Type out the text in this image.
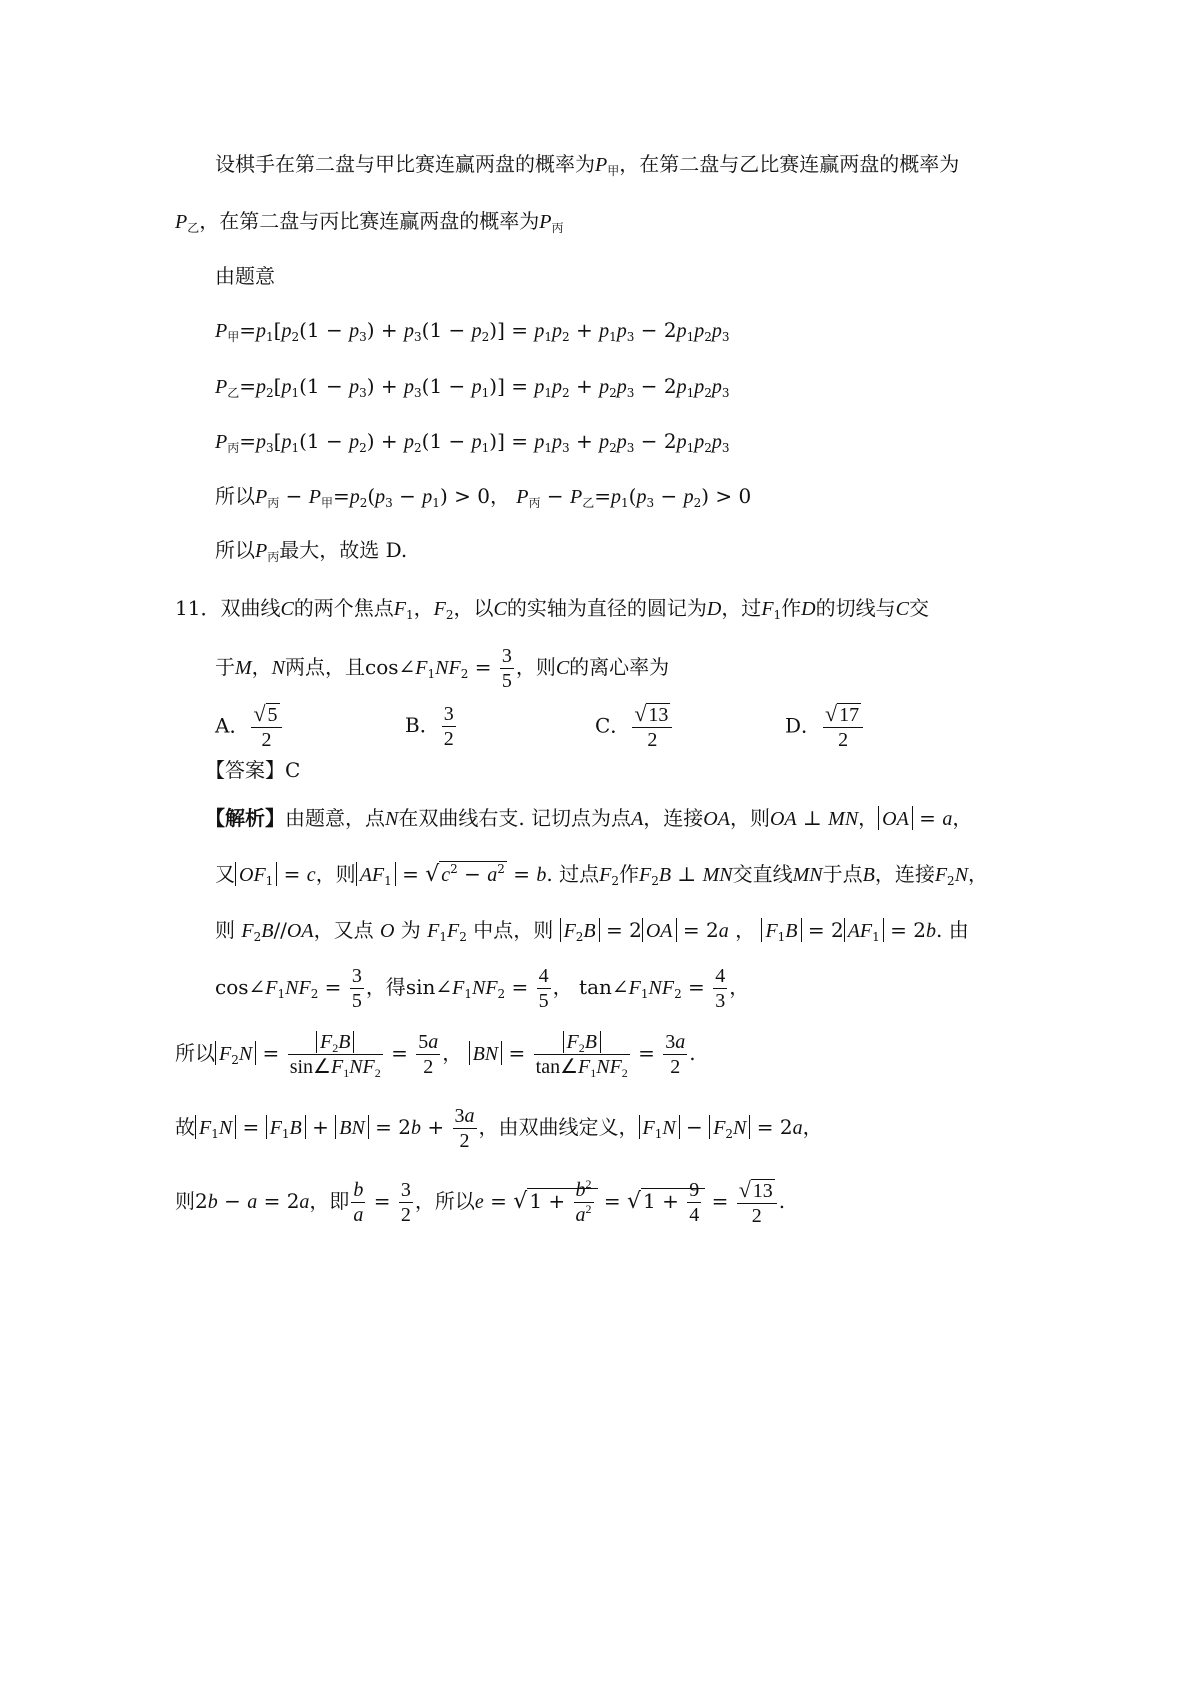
设棋手在第二盘与甲比赛连赢两盘的概率为$P_甲$，在第二盘与乙比赛连赢两盘的概率为
$P_乙$，在第二盘与丙比赛连赢两盘的概率为$P_丙$
由题意
$P_甲=p_1[p_2(1 - p_3) + p_3(1 - p_2)] = p_1p_2 + p_1p_3 - 2p_1p_2p_3$
$P_乙=p_2[p_1(1 - p_3) + p_3(1 - p_1)] = p_1p_2 + p_2p_3 - 2p_1p_2p_3$
$P_丙=p_3[p_1(1 - p_2) + p_2(1 - p_1)] = p_1p_3 + p_2p_3 - 2p_1p_2p_3$
所以$P_丙 - P_甲=p_2(p_3 - p_1) > 0$， $P_丙 - P_乙=p_1(p_3 - p_2) > 0$
所以$P_丙$最大，故选 D.
11．双曲线C的两个焦点$F_1$，$F_2$，以C的实轴为直径的圆记为D，过$F_1$作D的切线与C交
于M，N两点，且$\cos\angle F_1NF_2 = \frac{3}{5}$ ，则C的离心率为
A． $\frac{√ 5}{2}$	B． $\frac{3}{2}$	C． $\frac{√ 13}{2}$	D． $\frac{√ 17}{2}$
【答案】C
【解析】由题意，点N在双曲线右支. 记切点为点A，连接OA，则OA ⊥ MN， OA = a，
又 $OF_1 = c$，则 $AF_1$ = √ $c^2 - a^2 = b$. 过点$F_2$作$F_2B$ ⊥ MN交直线MN于点B，连接$F_2N$，
则 $F_2B//OA$，又点 O 为 $F_1F_2$ 中点，则 $F_2B = 2$ OA = 2a ， $F_1B = 2$ $AF_1 = 2b$. 由
$\cos\angle F_1NF_2 = \frac{3}{5}$ ，得$\sin\angle F_1NF_2 = \frac{4}{5}$ ， $\tan\angle F_1NF_2 = \frac{4}{3}$ ，
所以 $F_2N = \frac{F_2B}{\sin\angle F_1NF_2} = \frac{5a}{2}$ ， BN = $\frac{F_2B}{\tan\angle F_1NF_2} = \frac{3a}{2}$ .
故 $F_1N = F_1B$ + BN = $2b + \frac{3a}{2}$ ，由双曲线定义， $F_1N - F_2N = 2a$，
则2b − a = 2a，即 $\frac{b}{a} = \frac{3}{2}$ ，所以e = √ $1 + \frac{b^2}{a^2}$ = √ $1 + \frac{9}{4} = \frac{√ 13}{2}$ .
